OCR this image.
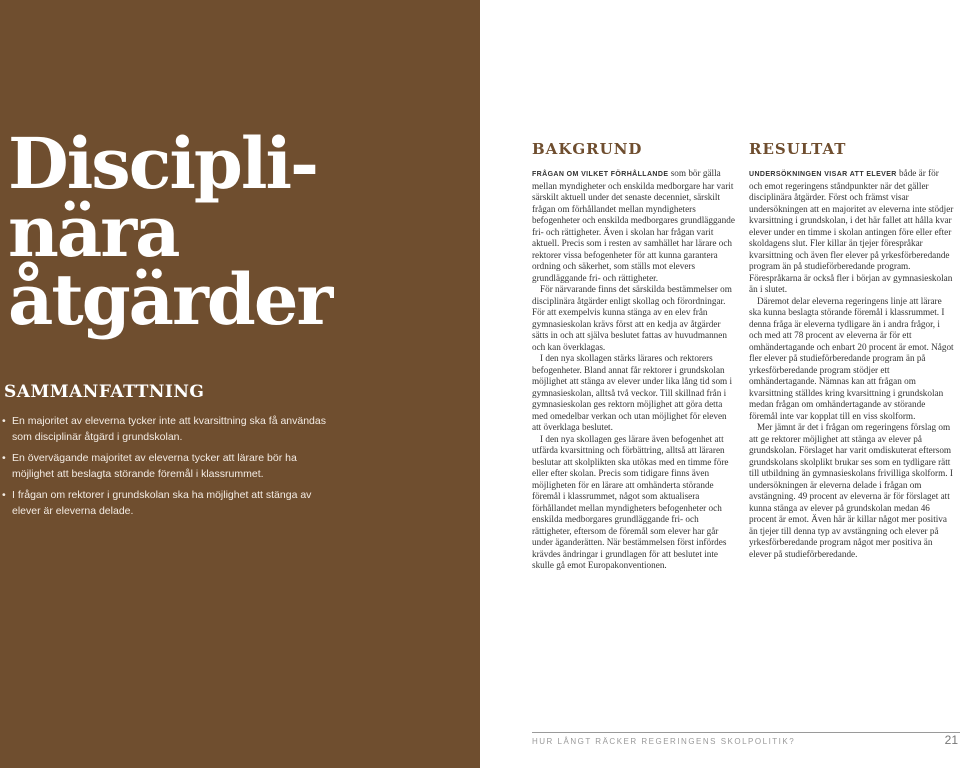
Discipli-
nära
åtgärder
SAMMANFATTNING
• En majoritet av eleverna tycker inte att kvarsittning ska få användas som disciplinär åtgärd i grundskolan.
• En övervägande majoritet av eleverna tycker att lärare bör ha möjlighet att beslagta störande föremål i klassrummet.
• I frågan om rektorer i grundskolan ska ha möjlighet att stänga av elever är eleverna delade.
BAKGRUND

FRÅGAN OM VILKET FÖRHÅLLANDE som bör gälla mellan myndigheter och enskilda medborgare har varit särskilt aktuell under det senaste decenniet, särskilt frågan om förhållandet mellan myndigheters befogenheter och enskilda medborgares grundläggande fri- och rättigheter. Även i skolan har frågan varit aktuell. Precis som i resten av samhället har lärare och rektorer vissa befogenheter för att kunna garantera ordning och säkerhet, som ställs mot elevers grundläggande fri- och rättigheter.

För närvarande finns det särskilda bestämmelser om disciplinära åtgärder enligt skollag och förordningar. För att exempelvis kunna stänga av en elev från gymnasieskolan krävs först att en kedja av åtgärder sätts in och att själva beslutet fattas av huvudmannen och kan överklagas.

I den nya skollagen stärks lärares och rektorers befogenheter. Bland annat får rektorer i grundskolan möjlighet att stänga av elever under lika lång tid som i gymnasieskolan, alltså två veckor. Till skillnad från i gymnasieskolan ges rektorn möjlighet att göra detta med omedelbar verkan och utan möjlighet för eleven att överklaga beslutet.

I den nya skollagen ges lärare även befogenhet att utfärda kvarsittning och förbättring, alltså att läraren beslutar att skolplikten ska utökas med en timme före eller efter skolan. Precis som tidigare finns även möjligheten för en lärare att omhänderta störande föremål i klassrummet, något som aktualisera förhållandet mellan myndigheters befogenheter och enskilda medborgares grundläggande fri- och rättigheter, eftersom de föremål som elever har går under äganderätten. När bestämmelsen först infördes krävdes ändringar i grundlagen för att beslutet inte skulle gå emot Europakonventionen.

RESULTAT

UNDERSÖKNINGEN VISAR ATT ELEVER både är för och emot regeringens ståndpunkter när det gäller disciplinära åtgärder. Först och främst visar undersökningen att en majoritet av eleverna inte stödjer kvarsittning i grundskolan, i det här fallet att hålla kvar elever under en timme i skolan antingen före eller efter skoldagens slut. Fler killar än tjejer förespråkar kvarsittning och även fler elever på yrkesförberedande program än på studieförberedande program. Förespråkarna är också fler i början av gymnasieskolan än i slutet.

Däremot delar eleverna regeringens linje att lärare ska kunna beslagta störande föremål i klassrummet. I denna fråga är eleverna tydligare än i andra frågor, i och med att 78 procent av eleverna är för ett omhändertagande och enbart 20 procent är emot. Något fler elever på studieförberedande program än på yrkesförberedande program stödjer ett omhändertagande. Nämnas kan att frågan om kvarsittning ställdes kring kvarsittning i grundskolan medan frågan om omhändertagande av störande föremål inte var kopplat till en viss skolform.

Mer jämnt är det i frågan om regeringens förslag om att ge rektorer möjlighet att stänga av elever på grundskolan. Förslaget har varit omdiskuterat eftersom grundskolans skolplikt brukar ses som en tydligare rätt till utbildning än gymnasieskolans frivilliga skolform. I undersökningen är eleverna delade i frågan om avstängning. 49 procent av eleverna är för förslaget att kunna stänga av elever på grundskolan medan 46 procent är emot. Även här är killar något mer positiva än tjejer till denna typ av avstängning och elever på yrkesförberedande program något mer positiva än elever på studieförberedande.

HUR LÅNGT RÄCKER REGERINGENS SKOLPOLITIK?	21
